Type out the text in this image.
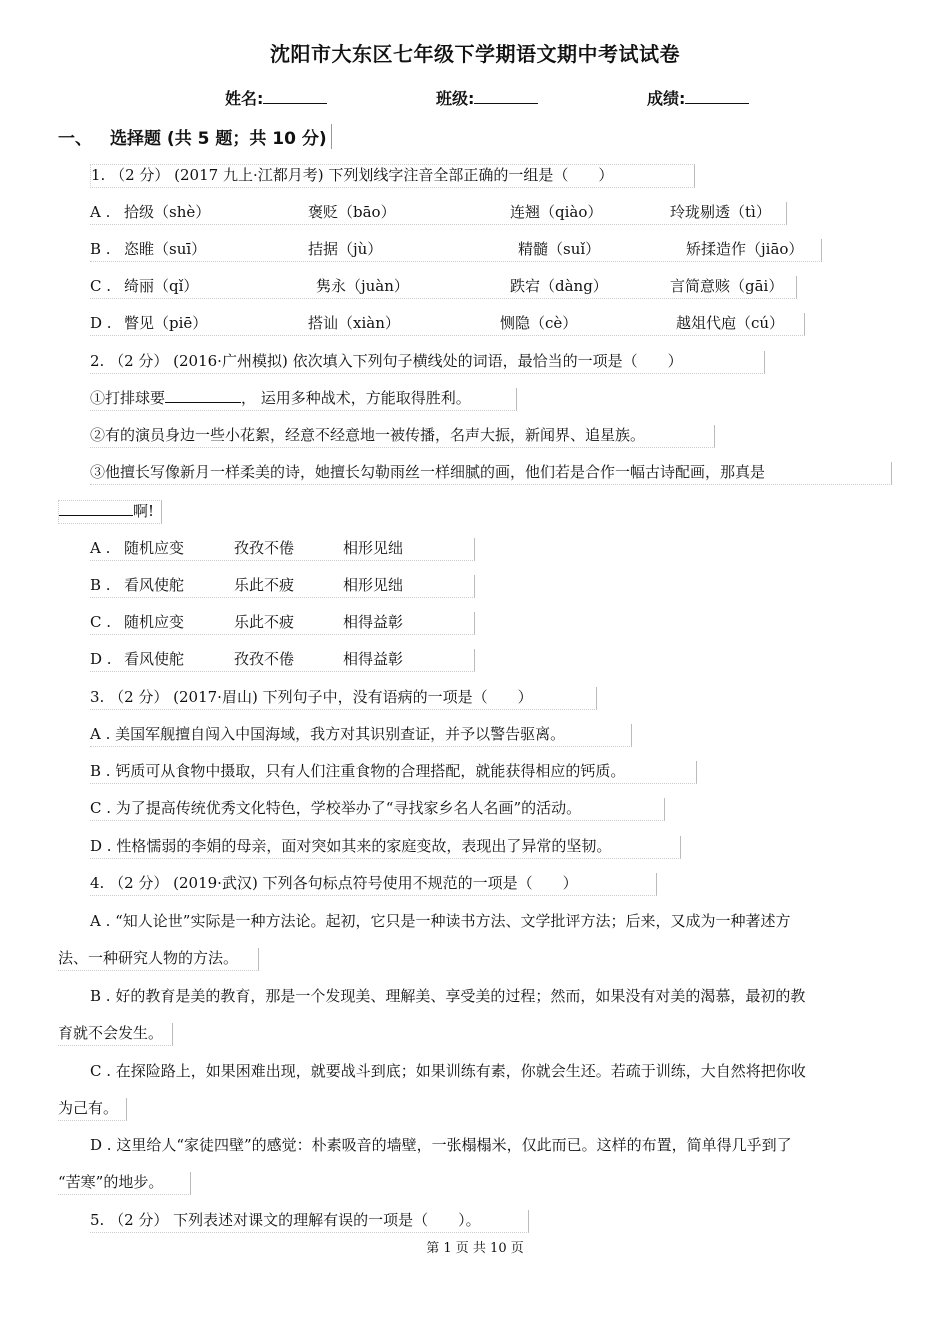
沈阳市大东区七年级下学期语文期中考试试卷
姓名:	班级:	成绩:
一、 选择题 (共 5 题；共 10 分)
1. （2 分） (2017 九上·江都月考) 下列划线字注音全部正确的一组是（　　）
A . 拾级（shè）	褒贬（bāo）	连翘（qiào）	玲珑剔透（tì）

B . 恣睢（suī）	拮据（jù）	精髓（suǐ）	矫揉造作（jiāo）

C . 绮丽（qǐ）	隽永（juàn）	跌宕（dàng）	言简意赅（gāi）

D . 瞥见（piē）	搭讪（xiàn）	恻隐（cè）	越俎代庖（cú）

2. （2 分） (2016·广州模拟) 依次填入下列句子横线处的词语，最恰当的一项是（　　）
①打排球要	， 运用多种战术，方能取得胜利。
②有的演员身边一些小花絮，经意不经意地一被传播，名声大振，新闻界、追星族。
③他擅长写像新月一样柔美的诗，她擅长勾勒雨丝一样细腻的画，他们若是合作一幅古诗配画，那真是
啊!
A . 随机应变	孜孜不倦	相形见绌

B . 看风使舵	乐此不疲	相形见绌

C . 随机应变	乐此不疲	相得益彰

D . 看风使舵	孜孜不倦	相得益彰

3. （2 分） (2017·眉山) 下列句子中，没有语病的一项是（　　）
A . 美国军舰擅自闯入中国海域，我方对其识别查证，并予以警告驱离。
B . 钙质可从食物中摄取，只有人们注重食物的合理搭配，就能获得相应的钙质。
C . 为了提高传统优秀文化特色，学校举办了“寻找家乡名人名画”的活动。
D . 性格懦弱的李娟的母亲，面对突如其来的家庭变故，表现出了异常的坚韧。
4. （2 分） (2019·武汉) 下列各句标点符号使用不规范的一项是（　　）
A . “知人论世”实际是一种方法论。起初，它只是一种读书方法、文学批评方法；后来，又成为一种著述方
法、一种研究人物的方法。
B . 好的教育是美的教育，那是一个发现美、理解美、享受美的过程；然而，如果没有对美的渴慕，最初的教
育就不会发生。
C . 在探险路上，如果困难出现，就要战斗到底；如果训练有素，你就会生还。若疏于训练，大自然将把你收
为己有。
D . 这里给人“家徒四壁”的感觉：朴素吸音的墙壁，一张榻榻米，仅此而已。这样的布置，简单得几乎到了
“苦寒”的地步。
5. （2 分） 下列表述对课文的理解有误的一项是（　　）。
第 1 页 共 10 页
